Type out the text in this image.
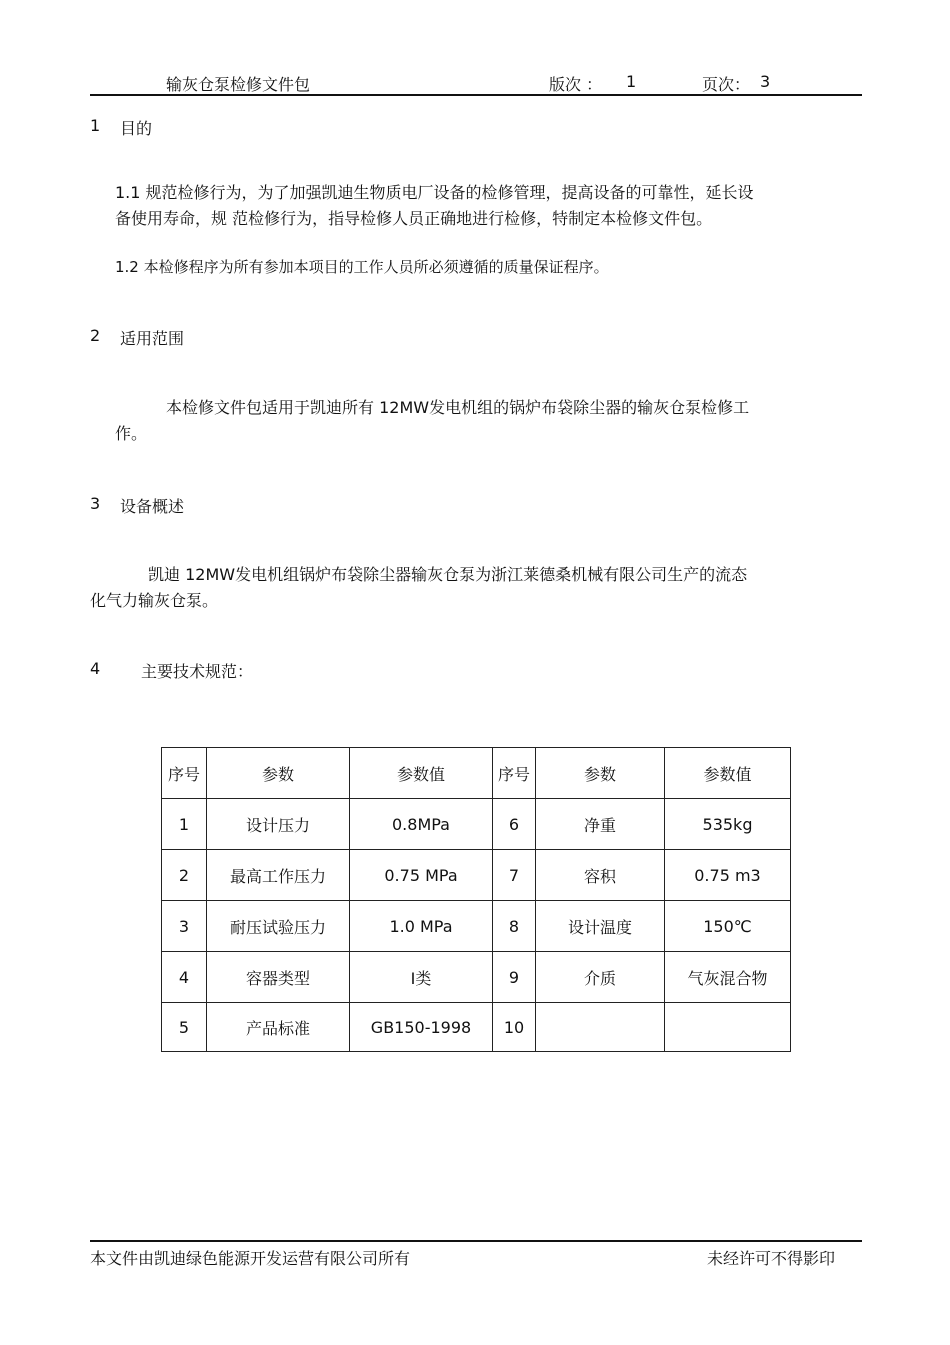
输灰仓泵检修文件包	版次 ： 1	页次： 3
1 目的
1.1 规范检修行为，为了加强凯迪生物质电厂设备的检修管理，提高设备的可靠性，延长设
备使用寿命，规 范检修行为，指导检修人员正确地进行检修，特制定本检修文件包。
1.2 本检修程序为所有参加本项目的工作人员所必须遵循的质量保证程序。
2 适用范围
本检修文件包适用于凯迪所有 12MW发电机组的锅炉布袋除尘器的输灰仓泵检修工
作。
3 设备概述
凯迪 12MW发电机组锅炉布袋除尘器输灰仓泵为浙江莱德桑机械有限公司生产的流态
化气力输灰仓泵。
4	主要技术规范：
序号	参数	参数值	序号	参数	参数值
1	设计压力	0.8MPa	6	净重	535kg
2	最高工作压力	0.75 MPa	7	容积	0.75 m3
3	耐压试验压力	1.0 MPa	8	设计温度	150℃
4	容器类型	Ⅰ类	9	介质	气灰混合物
5	产品标准	GB150-1998	10		
本文件由凯迪绿色能源开发运营有限公司所有	未经许可不得影印
